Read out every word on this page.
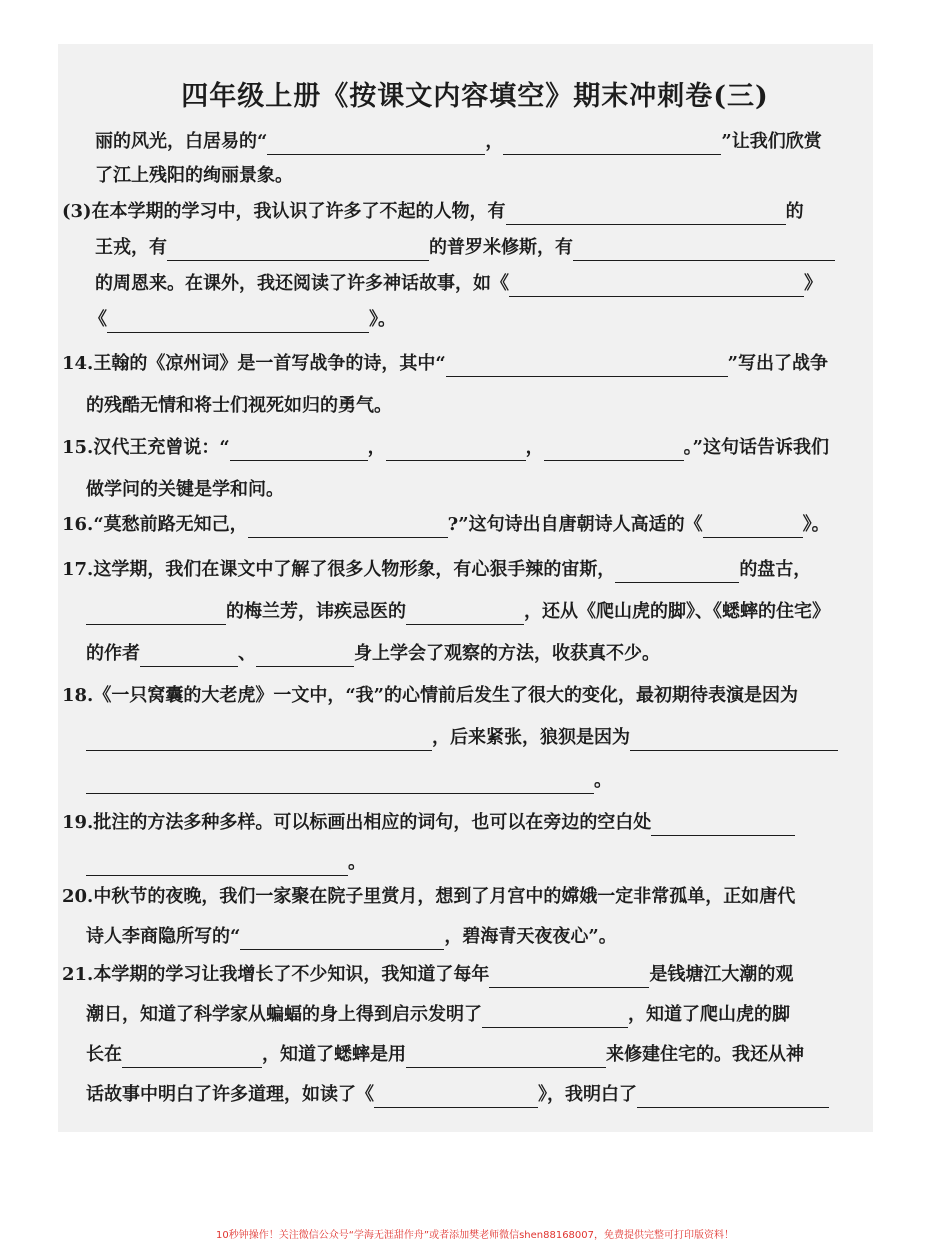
四年级上册《按课文内容填空》期末冲刺卷(三)
丽的风光，白居易的“	，	”让我们欣赏
了江上残阳的绚丽景象。
(3)在本学期的学习中，我认识了许多了不起的人物，有	的
王戎，有	的普罗米修斯，有
的周恩来。在课外，我还阅读了许多神话故事，如《	》
《	》。
14.王翰的《凉州词》是一首写战争的诗，其中“	”写出了战争
的残酷无情和将士们视死如归的勇气。
15.汉代王充曾说：“	，	，	。”这句话告诉我们
做学问的关键是学和问。
16.“莫愁前路无知己，	?”这句诗出自唐朝诗人高适的《	》。
17.这学期，我们在课文中了解了很多人物形象，有心狠手辣的宙斯，	的盘古，
的梅兰芳，讳疾忌医的	，还从《爬山虎的脚》、《蟋蟀的住宅》
的作者	、	身上学会了观察的方法，收获真不少。
18.《一只窝囊的大老虎》一文中，“我”的心情前后发生了很大的变化，最初期待表演是因为
，后来紧张，狼狈是因为
。
19.批注的方法多种多样。可以标画出相应的词句，也可以在旁边的空白处
。
20.中秋节的夜晚，我们一家聚在院子里赏月，想到了月宫中的嫦娥一定非常孤单，正如唐代
诗人李商隐所写的“	，碧海青天夜夜心”。
21.本学期的学习让我增长了不少知识，我知道了每年	是钱塘江大潮的观
潮日，知道了科学家从蝙蝠的身上得到启示发明了	，知道了爬山虎的脚
长在	，知道了蟋蟀是用	来修建住宅的。我还从神
话故事中明白了许多道理，如读了《	》，我明白了
10秒钟操作！关注微信公众号“学海无涯甜作舟”或者添加樊老师微信shen88168007，免费提供完整可打印版资料！
